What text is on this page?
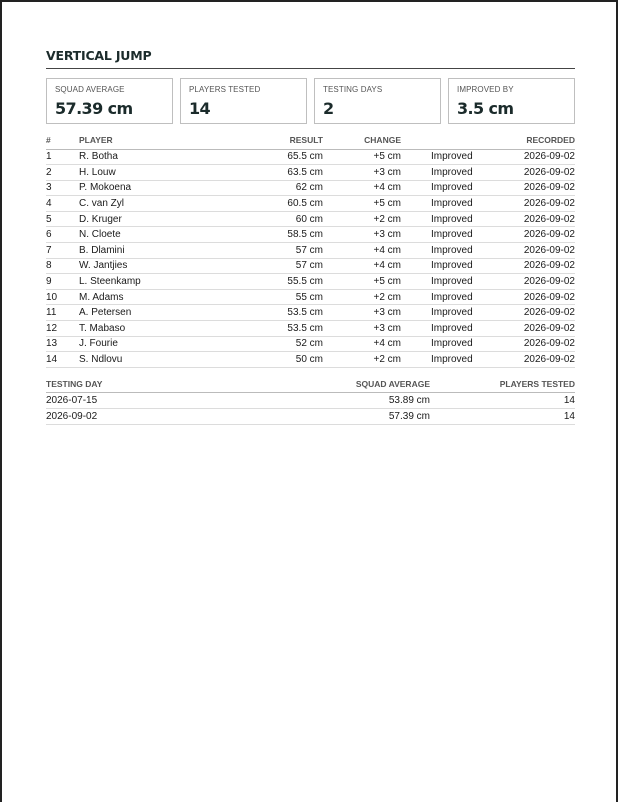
VERTICAL JUMP
SQUAD AVERAGE
57.39 cm
PLAYERS TESTED
14
TESTING DAYS
2
IMPROVED BY
3.5 cm
#	PLAYER	RESULT	CHANGE		RECORDED
1	R. Botha	65.5 cm	+5 cm	Improved	2026-09-02
2	H. Louw	63.5 cm	+3 cm	Improved	2026-09-02
3	P. Mokoena	62 cm	+4 cm	Improved	2026-09-02
4	C. van Zyl	60.5 cm	+5 cm	Improved	2026-09-02
5	D. Kruger	60 cm	+2 cm	Improved	2026-09-02
6	N. Cloete	58.5 cm	+3 cm	Improved	2026-09-02
7	B. Dlamini	57 cm	+4 cm	Improved	2026-09-02
8	W. Jantjies	57 cm	+4 cm	Improved	2026-09-02
9	L. Steenkamp	55.5 cm	+5 cm	Improved	2026-09-02
10	M. Adams	55 cm	+2 cm	Improved	2026-09-02
11	A. Petersen	53.5 cm	+3 cm	Improved	2026-09-02
12	T. Mabaso	53.5 cm	+3 cm	Improved	2026-09-02
13	J. Fourie	52 cm	+4 cm	Improved	2026-09-02
14	S. Ndlovu	50 cm	+2 cm	Improved	2026-09-02
TESTING DAY	SQUAD AVERAGE	PLAYERS TESTED
2026-07-15	53.89 cm	14
2026-09-02	57.39 cm	14
